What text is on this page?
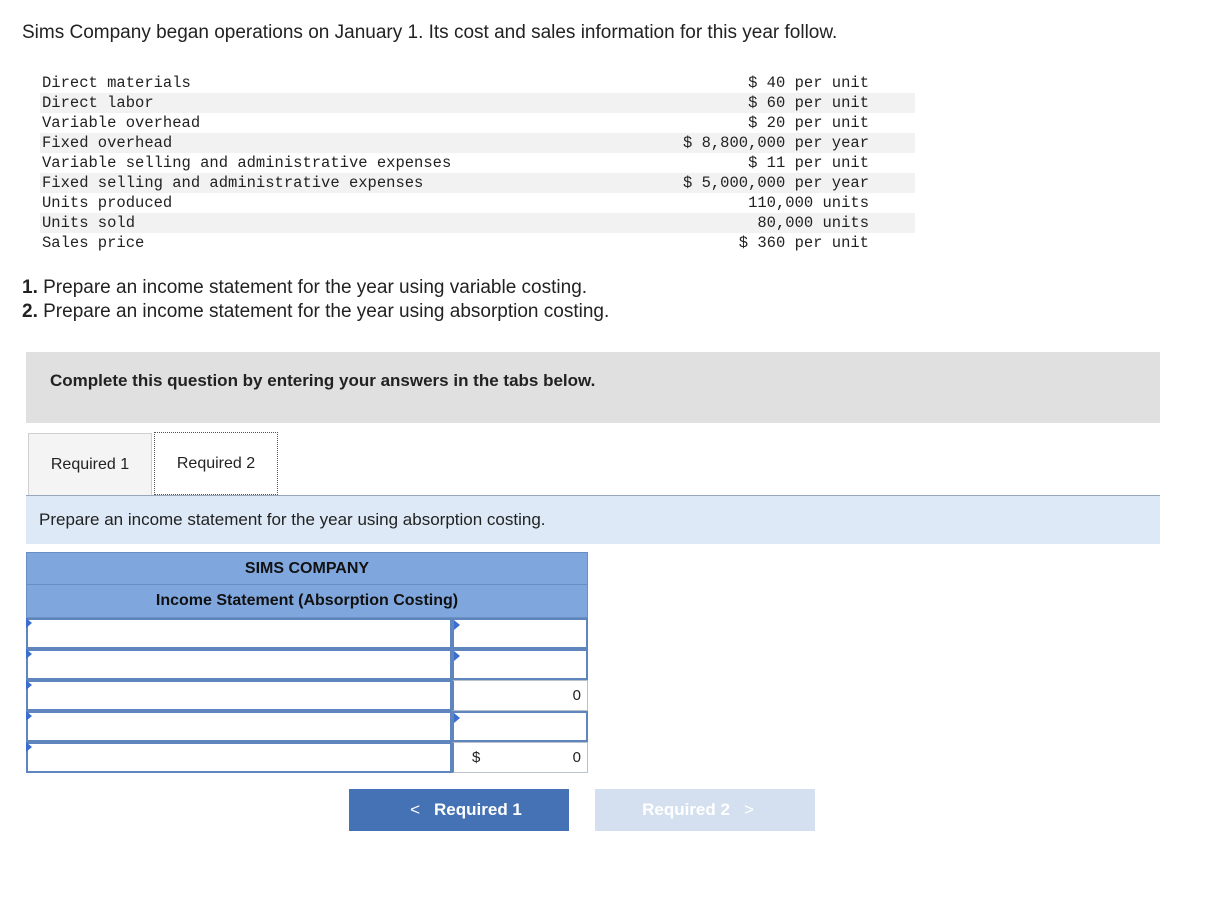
Sims Company began operations on January 1. Its cost and sales information for this year follow.
Direct materials	$ 40 per unit
Direct labor	$ 60 per unit
Variable overhead	$ 20 per unit
Fixed overhead	$ 8,800,000 per year
Variable selling and administrative expenses	$ 11 per unit
Fixed selling and administrative expenses	$ 5,000,000 per year
Units produced	110,000 units
Units sold	80,000 units
Sales price	$ 360 per unit
1. Prepare an income statement for the year using variable costing.
2. Prepare an income statement for the year using absorption costing.
Complete this question by entering your answers in the tabs below.
Required 1	Required 2
Prepare an income statement for the year using absorption costing.
SIMS COMPANY
Income Statement (Absorption Costing)
0
$	0
< Required 1	Required 2 >
